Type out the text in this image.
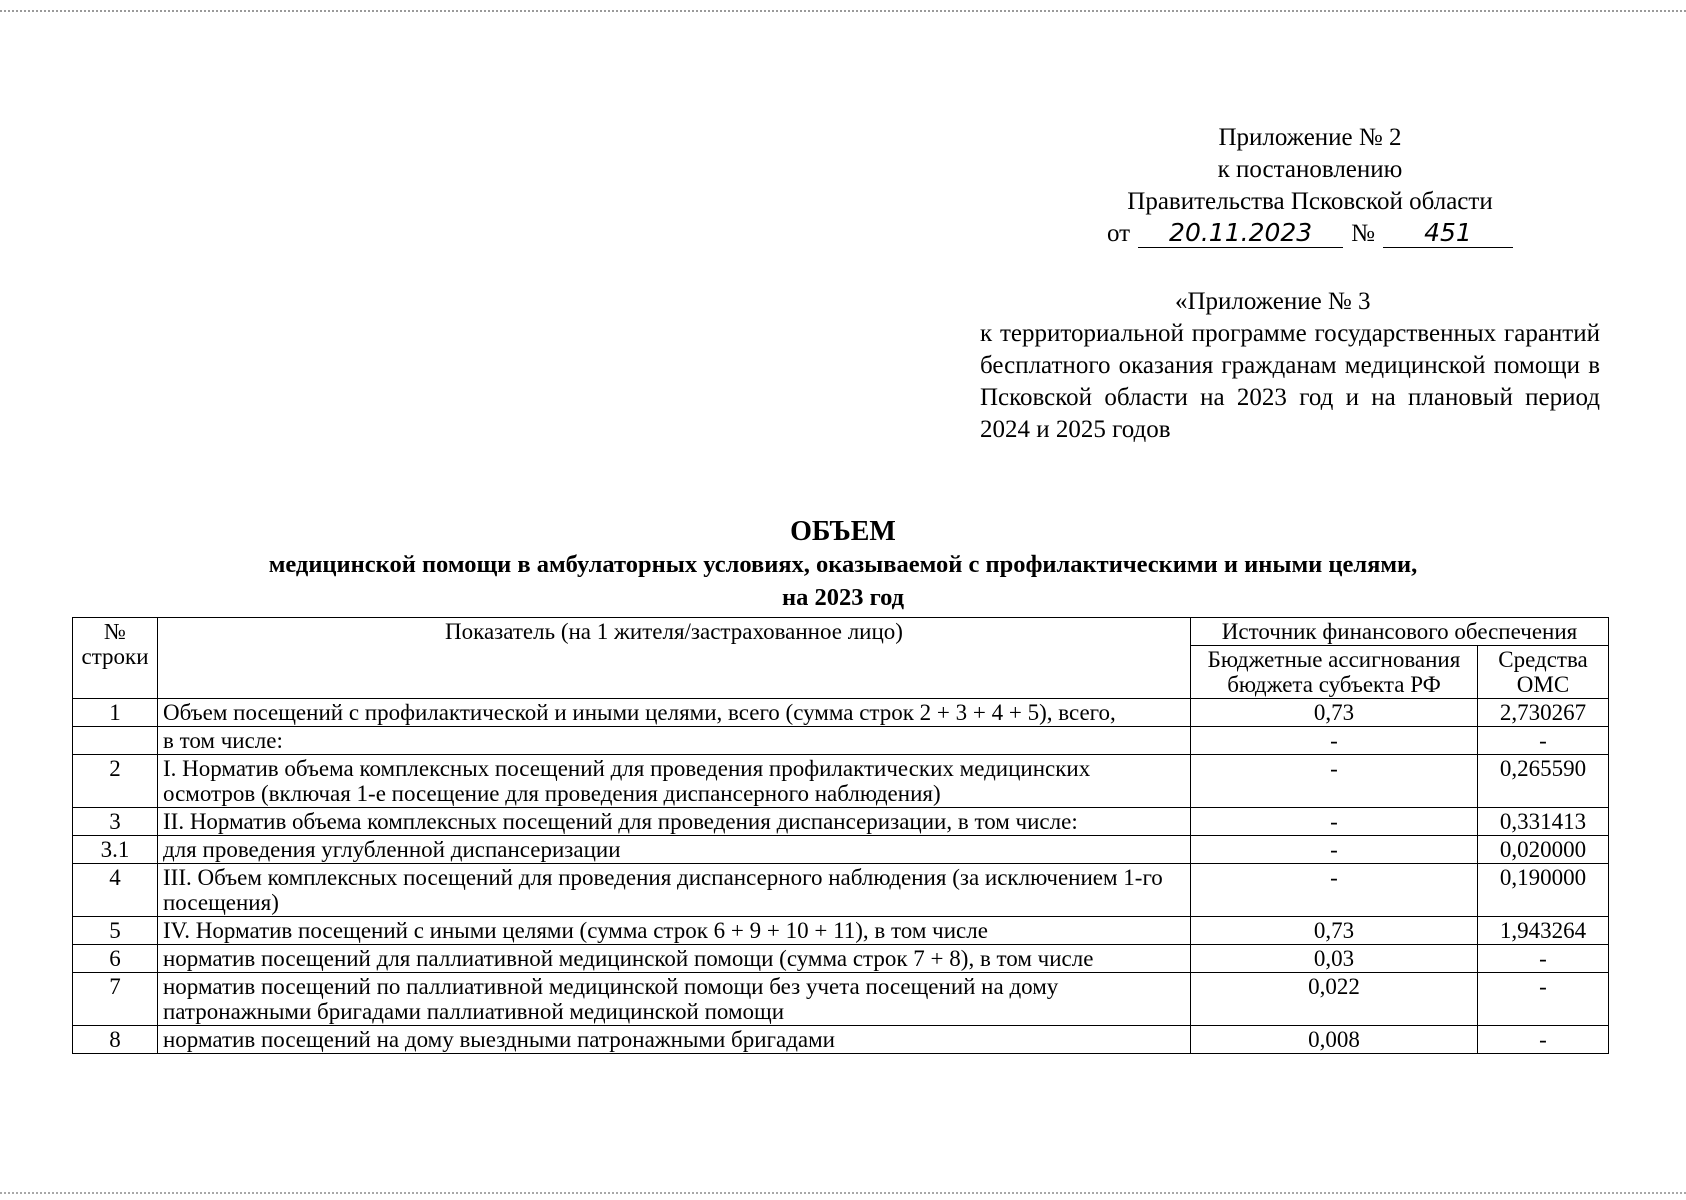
Приложение № 2
к постановлению
Правительства Псковской области
от 20.11.2023 № 451
«Приложение № 3
к территориальной программе государственных гарантий бесплатного оказания гражданам медицинской помощи в Псковской области на 2023 год и на плановый период 2024 и 2025 годов
ОБЪЕМ
медицинской помощи в амбулаторных условиях, оказываемой с профилактическими и иными целями,
на 2023 год
№ строки	Показатель (на 1 жителя/застрахованное лицо)	Источник финансового обеспечения	
		Бюджетные ассигнования бюджета субъекта РФ	Средства ОМС
1	Объем посещений с профилактической и иными целями, всего (сумма строк 2 + 3 + 4 + 5), всего,	0,73	2,730267
	в том числе:	-	-
2	I. Норматив объема комплексных посещений для проведения профилактических медицинских осмотров (включая 1-е посещение для проведения диспансерного наблюдения)	-	0,265590
3	II. Норматив объема комплексных посещений для проведения диспансеризации, в том числе:	-	0,331413
3.1	для проведения углубленной диспансеризации	-	0,020000
4	III. Объем комплексных посещений для проведения диспансерного наблюдения (за исключением 1-го посещения)	-	0,190000
5	IV. Норматив посещений с иными целями (сумма строк 6 + 9 + 10 + 11), в том числе	0,73	1,943264
6	норматив посещений для паллиативной медицинской помощи (сумма строк 7 + 8), в том числе	0,03	-
7	норматив посещений по паллиативной медицинской помощи без учета посещений на дому патронажными бригадами паллиативной медицинской помощи	0,022	-
8	норматив посещений на дому выездными патронажными бригадами	0,008	-
